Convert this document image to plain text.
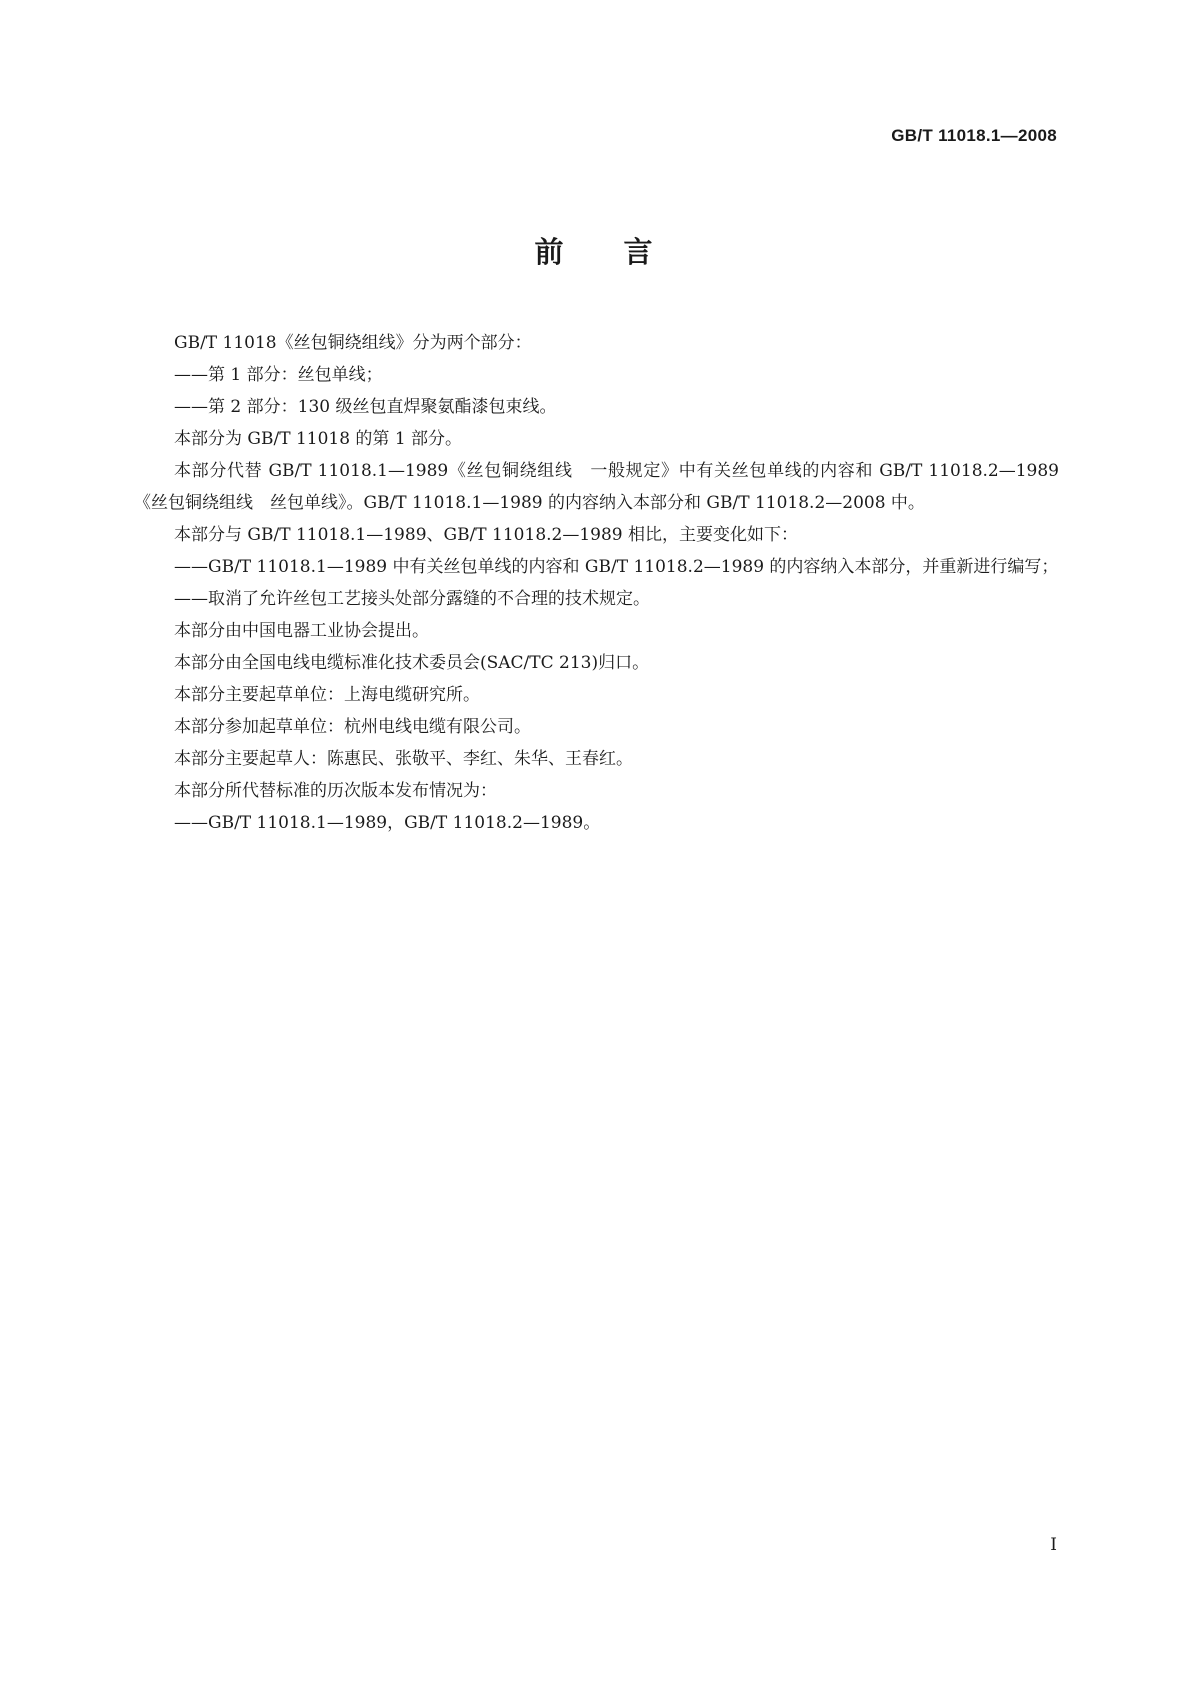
GB/T 11018.1—2008
前 言

GB/T 11018《丝包铜绕组线》分为两个部分：

——第 1 部分：丝包单线；

——第 2 部分：130 级丝包直焊聚氨酯漆包束线。

本部分为 GB/T 11018 的第 1 部分。

本部分代替 GB/T 11018.1—1989《丝包铜绕组线　一般规定》中有关丝包单线的内容和 GB/T 11018.2—1989《丝包铜绕组线　丝包单线》。GB/T 11018.1—1989 的内容纳入本部分和 GB/T 11018.2—2008 中。

本部分与 GB/T 11018.1—1989、GB/T 11018.2—1989 相比，主要变化如下：

——GB/T 11018.1—1989 中有关丝包单线的内容和 GB/T 11018.2—1989 的内容纳入本部分，并重新进行编写；

——取消了允许丝包工艺接头处部分露缝的不合理的技术规定。

本部分由中国电器工业协会提出。

本部分由全国电线电缆标准化技术委员会(SAC/TC 213)归口。

本部分主要起草单位：上海电缆研究所。

本部分参加起草单位：杭州电线电缆有限公司。

本部分主要起草人：陈惠民、张敬平、李红、朱华、王春红。

本部分所代替标准的历次版本发布情况为：

——GB/T 11018.1—1989，GB/T 11018.2—1989。

I
